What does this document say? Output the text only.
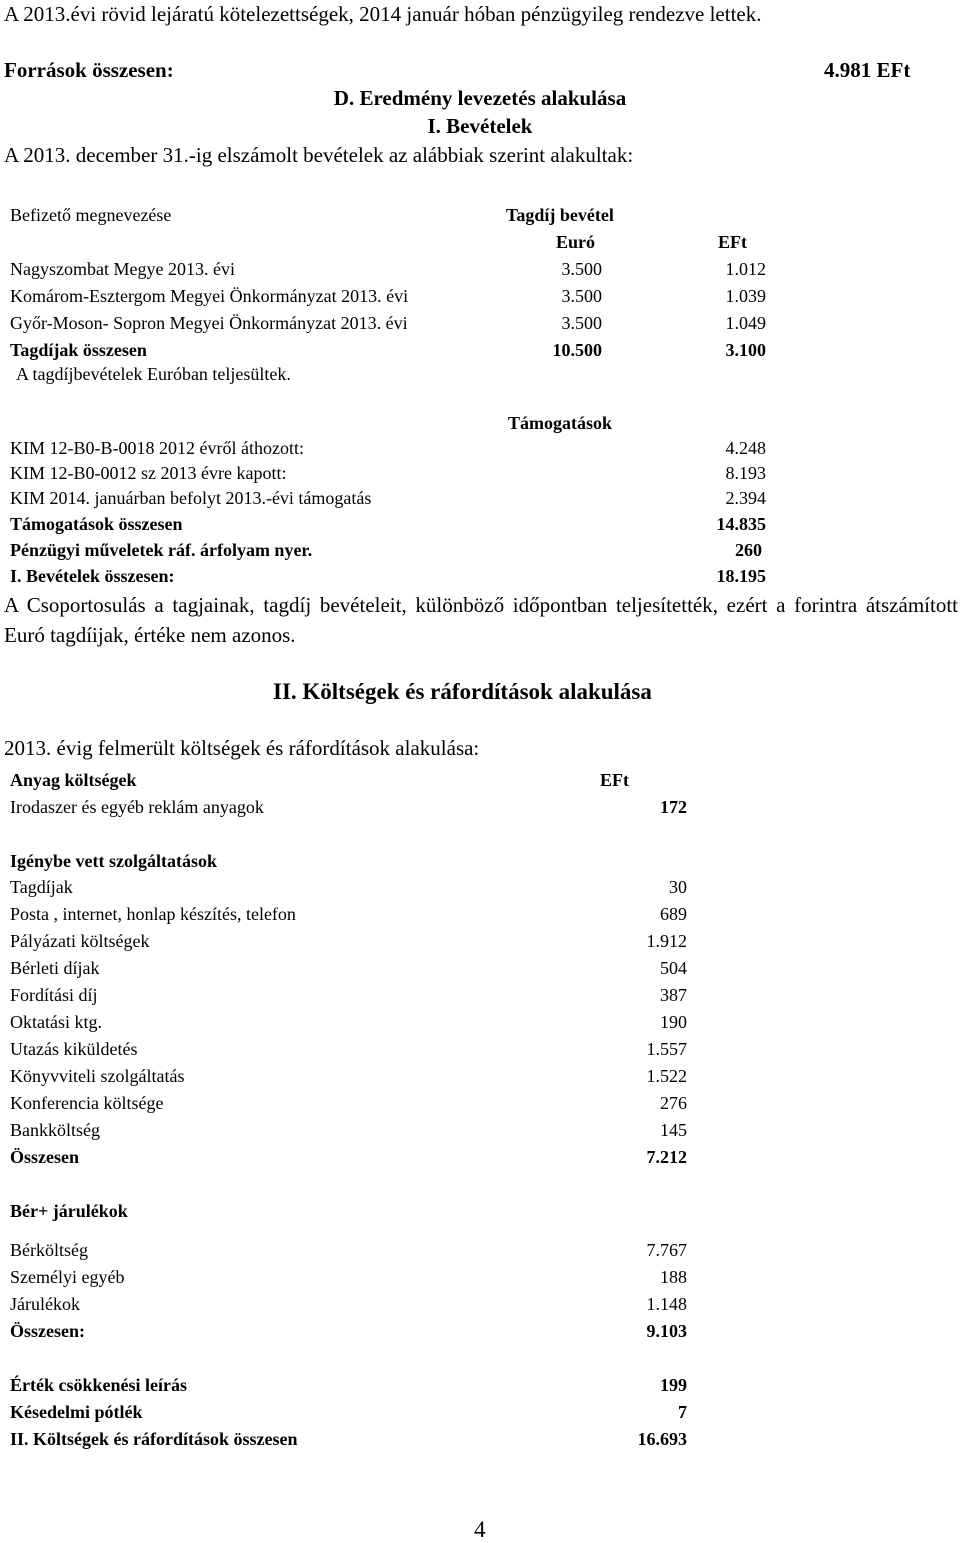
A 2013.évi rövid lejáratú kötelezettségek, 2014 január hóban pénzügyileg rendezve lettek.
Források összesen:	4.981 EFt
D. Eredmény levezetés alakulása
I. Bevételek
A 2013. december 31.-ig elszámolt bevételek az alábbiak szerint alakultak:
Befizető megnevezése	Tagdíj bevétel
Euró	EFt
Nagyszombat Megye 2013. évi	3.500	1.012
Komárom-Esztergom Megyei Önkormányzat 2013. évi	3.500	1.039
Győr-Moson- Sopron Megyei Önkormányzat 2013. évi	3.500	1.049
Tagdíjak összesen	10.500	3.100
A tagdíjbevételek Euróban teljesültek.
Támogatások
KIM 12-B0-B-0018 2012 évről áthozott:	4.248
KIM 12-B0-0012 sz 2013 évre kapott:	8.193
KIM 2014. januárban befolyt 2013.-évi támogatás	2.394
Támogatások összesen	14.835
Pénzügyi műveletek ráf. árfolyam nyer.	260
I. Bevételek összesen:	18.195
A Csoportosulás a tagjainak, tagdíj bevételeit, különböző időpontban teljesítették, ezért a forintra átszámított Euró tagdíijak, értéke nem azonos.
II. Költségek és ráfordítások alakulása
2013. évig felmerült költségek és ráfordítások alakulása:
Anyag költségek	EFt
Irodaszer és egyéb reklám anyagok	172
Igénybe vett szolgáltatások
Tagdíjak	30
Posta , internet, honlap készítés, telefon	689
Pályázati költségek	1.912
Bérleti díjak	504
Fordítási díj	387
Oktatási ktg.	190
Utazás kiküldetés	1.557
Könyvviteli szolgáltatás	1.522
Konferencia költsége	276
Bankköltség	145
Összesen	7.212
Bér+ járulékok
Bérköltség	7.767
Személyi egyéb	188
Járulékok	1.148
Összesen:	9.103
Érték csökkenési leírás	199
Késedelmi pótlék	7
II. Költségek és ráfordítások összesen	16.693
4
